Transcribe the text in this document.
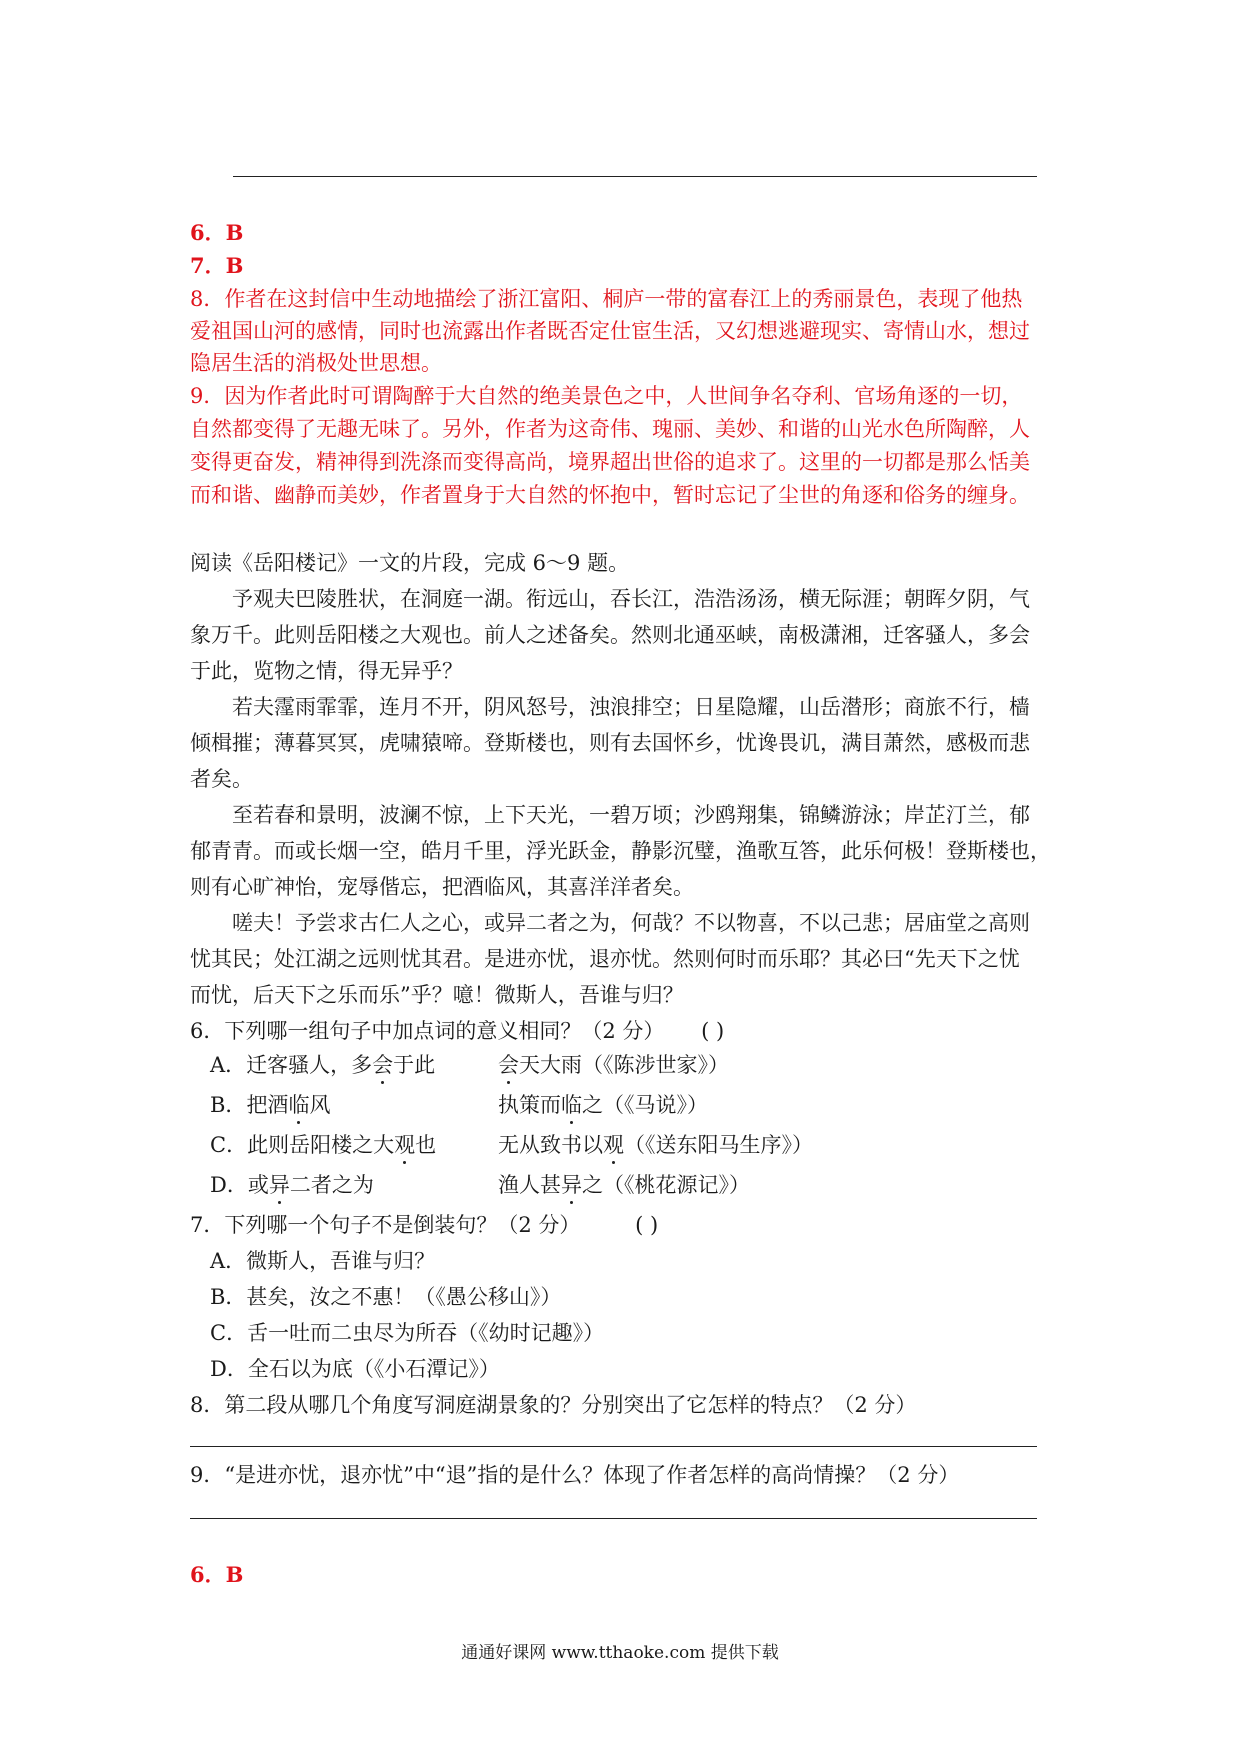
6．B
7．B
8．作者在这封信中生动地描绘了浙江富阳、桐庐一带的富春江上的秀丽景色，表现了他热
爱祖国山河的感情，同时也流露出作者既否定仕宦生活，又幻想逃避现实、寄情山水，想过
隐居生活的消极处世思想。
9．因为作者此时可谓陶醉于大自然的绝美景色之中，人世间争名夺利、官场角逐的一切，
自然都变得了无趣无味了。另外，作者为这奇伟、瑰丽、美妙、和谐的山光水色所陶醉，人
变得更奋发，精神得到洗涤而变得高尚，境界超出世俗的追求了。这里的一切都是那么恬美
而和谐、幽静而美妙，作者置身于大自然的怀抱中，暂时忘记了尘世的角逐和俗务的缠身。
阅读《岳阳楼记》一文的片段，完成 6～9 题。
予观夫巴陵胜状，在洞庭一湖。衔远山，吞长江，浩浩汤汤，横无际涯；朝晖夕阴，气
象万千。此则岳阳楼之大观也。前人之述备矣。然则北通巫峡，南极潇湘，迁客骚人，多会
于此，览物之情，得无异乎？
若夫霪雨霏霏，连月不开，阴风怒号，浊浪排空；日星隐耀，山岳潜形；商旅不行，樯
倾楫摧；薄暮冥冥，虎啸猿啼。登斯楼也，则有去国怀乡，忧谗畏讥，满目萧然，感极而悲
者矣。
至若春和景明，波澜不惊，上下天光，一碧万顷；沙鸥翔集，锦鳞游泳；岸芷汀兰，郁
郁青青。而或长烟一空，皓月千里，浮光跃金，静影沉璧，渔歌互答，此乐何极！登斯楼也，
则有心旷神怡，宠辱偕忘，把酒临风，其喜洋洋者矣。
嗟夫！予尝求古仁人之心，或异二者之为，何哉？不以物喜，不以己悲；居庙堂之高则
忧其民；处江湖之远则忧其君。是进亦忧，退亦忧。然则何时而乐耶？其必曰“先天下之忧
而忧，后天下之乐而乐”乎？噫！微斯人，吾谁与归？
6．下列哪一组句子中加点词的意义相同？（2 分） ( )
A．迁客骚人，多会于此	会天大雨（《陈涉世家》）
B．把酒临风	执策而临之（《马说》）
C．此则岳阳楼之大观也	无从致书以观（《送东阳马生序》）
D．或异二者之为	渔人甚异之（《桃花源记》）
7．下列哪一个句子不是倒装句？（2 分）	( )
A．微斯人，吾谁与归？
B．甚矣，汝之不惠！（《愚公移山》）
C．舌一吐而二虫尽为所吞（《幼时记趣》）
D．全石以为底（《小石潭记》）
8．第二段从哪几个角度写洞庭湖景象的？分别突出了它怎样的特点？（2 分）
9．“是进亦忧，退亦忧”中“退”指的是什么？体现了作者怎样的高尚情操？（2 分）
6．B
通通好课网 www.tthaoke.com 提供下载
